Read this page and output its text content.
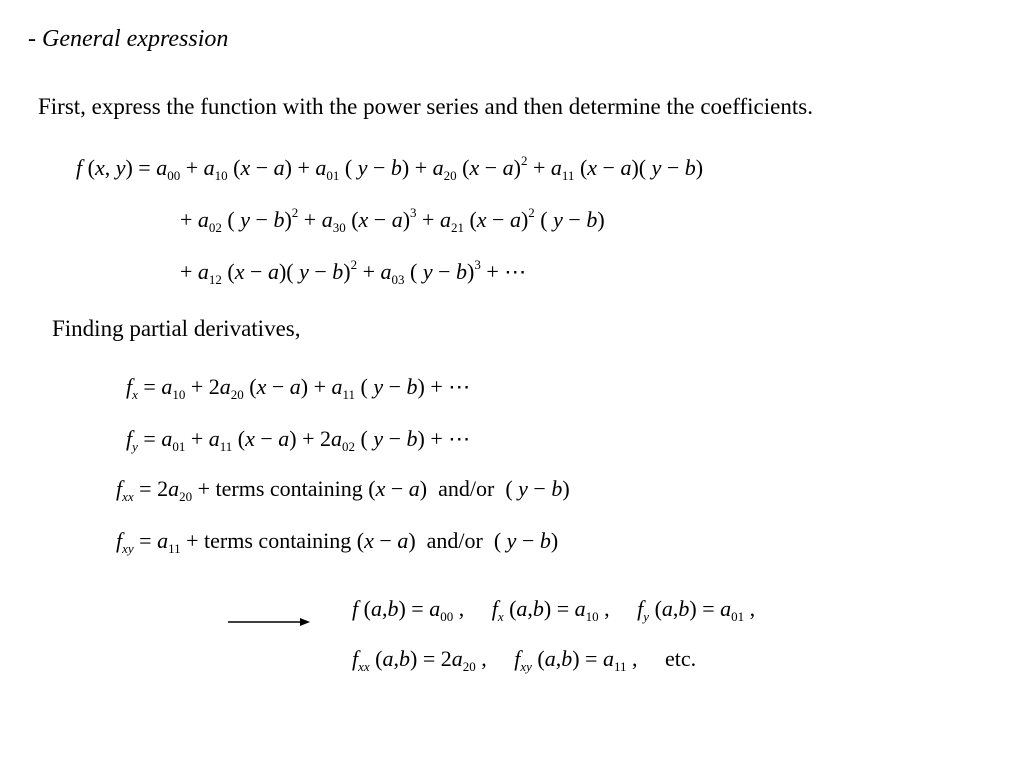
- General expression
First, express the function with the power series and then determine the coefficients.
f (x, $y) = a_{00} + a_{10}$ $(x - a) + a_{01}$ ( $y - b) + a_{20}$ $(x - a)^2 + a_{11}$ (x − a)( y − b)
+ $a_{02}$ ( $y - b)^2 + a_{30}$ $(x - a)^3 + a_{21}$ $(x - a)^2$ ( y − b)
+ $a_{12}$ (x − a)( $y - b)^2 + a_{03}$ ( y − b)$^3$ + ⋯
Finding partial derivatives,
$f_x = a_{10} + 2a_{20}$ $(x - a) + a_{11}$ ( y − b) + ⋯
$f_y = a_{01} + a_{11}$ $(x - a) + 2a_{02}$ ( y − b) + ⋯
$f_{xx} = 2a_{20}$ + terms containing (x − a)  and/or  ( y − b)
$f_{xy} = a_{11}$ + terms containing (x − a)  and/or  ( y − b)
f $(a,b) = a_{00}$ ,     $f_x$ $(a,b) = a_{10}$ ,     $f_y$ $(a,b) = a_{01}$ ,
$f_{xx}$ $(a,b) = 2a_{20}$ ,     $f_{xy}$ $(a,b) = a_{11}$ ,     etc.
